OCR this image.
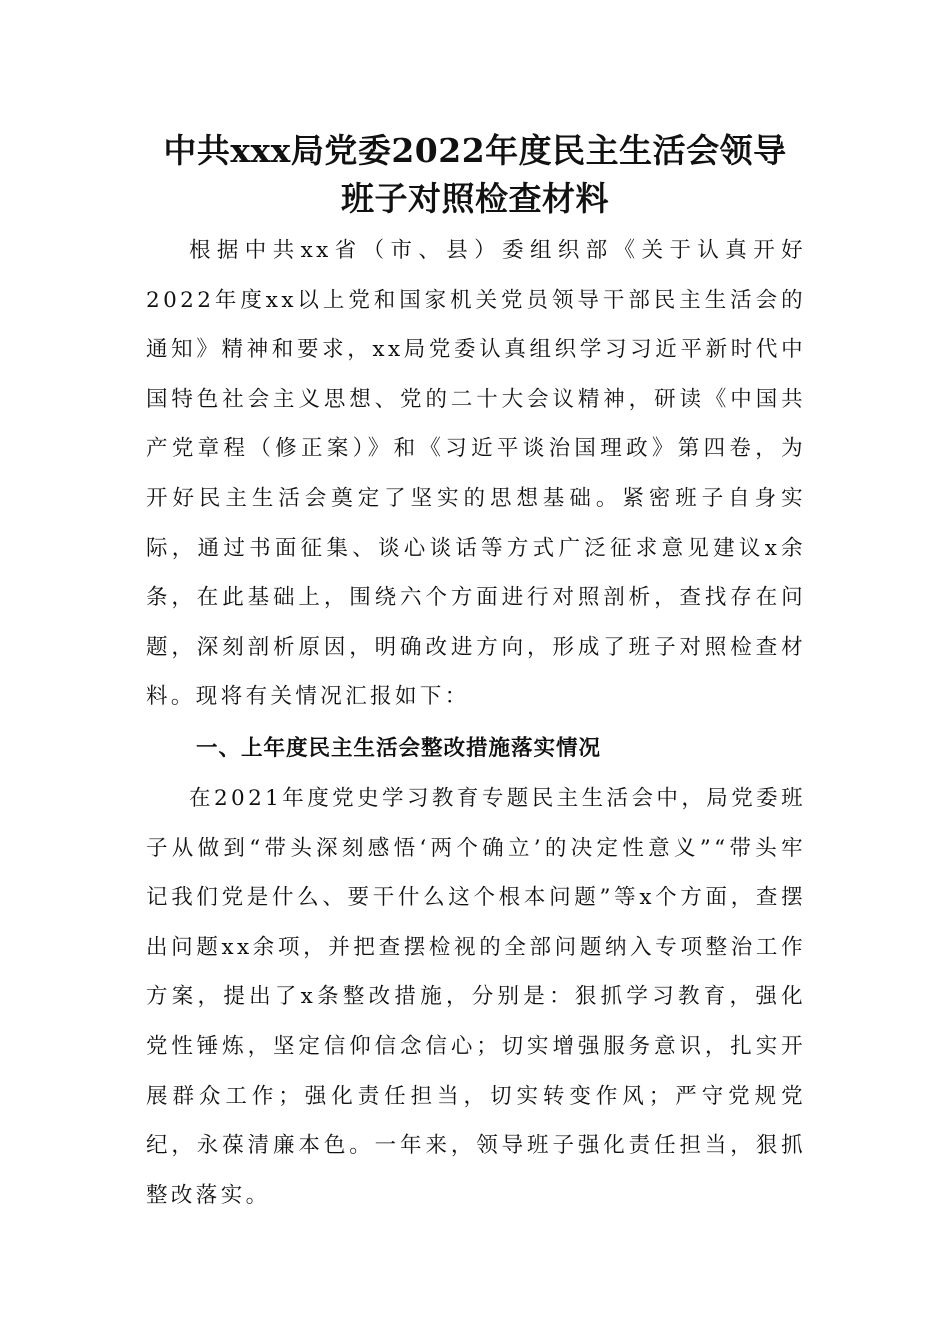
中共xxx局党委2022年度民主生活会领导
班子对照检查材料

根据中共xx省（市、县）委组织部《关于认真开好2022年度xx以上党和国家机关党员领导干部民主生活会的通知》精神和要求，xx局党委认真组织学习习近平新时代中国特色社会主义思想、党的二十大会议精神，研读《中国共产党章程（修正案）》和《习近平谈治国理政》第四卷，为开好民主生活会奠定了坚实的思想基础。紧密班子自身实际，通过书面征集、谈心谈话等方式广泛征求意见建议x余条，在此基础上，围绕六个方面进行对照剖析，查找存在问题，深刻剖析原因，明确改进方向，形成了班子对照检查材料。现将有关情况汇报如下：

一、上年度民主生活会整改措施落实情况

在2021年度党史学习教育专题民主生活会中，局党委班子从做到“带头深刻感悟‘两个确立’的决定性意义”“带头牢记我们党是什么、要干什么这个根本问题”等x个方面，查摆出问题xx余项，并把查摆检视的全部问题纳入专项整治工作方案，提出了x条整改措施，分别是：狠抓学习教育，强化党性锤炼，坚定信仰信念信心；切实增强服务意识，扎实开展群众工作；强化责任担当，切实转变作风；严守党规党纪，永葆清廉本色。一年来，领导班子强化责任担当，狠抓整改落实。
